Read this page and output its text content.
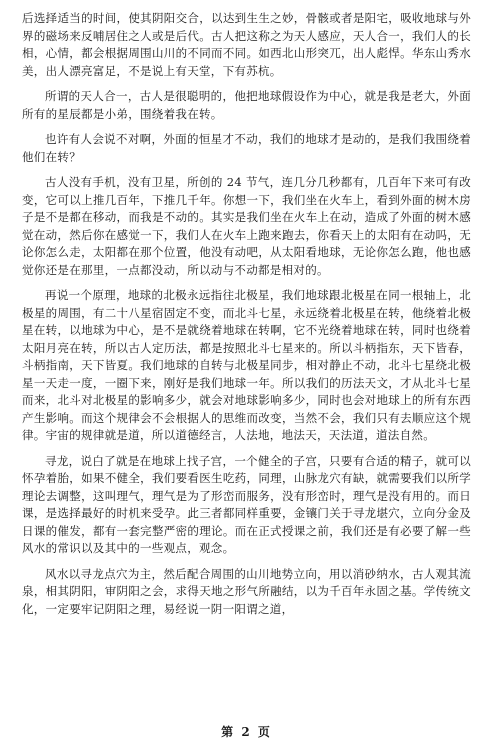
后选择适当的时间，使其阴阳交合，以达到生生之妙，骨骸或者是阳宅，吸收地球与外界的磁场来反哺居住之人或是后代。古人把这称之为天人感应，天人合一，我们人的长相，心情，都会根据周围山川的不同而不同。如西北山形突兀，出人彪悍。华东山秀水美，出人漂亮富足，不是说上有天堂，下有苏杭。

所谓的天人合一，古人是很聪明的，他把地球假设作为中心，就是我是老大，外面所有的星辰都是小弟，围绕着我在转。

也许有人会说不对啊，外面的恒星才不动，我们的地球才是动的，是我们我围绕着他们在转？

古人没有手机，没有卫星，所创的 24 节气，连几分几秒都有，几百年下来可有改变，它可以上推几百年，下推几千年。你想一下，我们坐在火车上，看到外面的树木房子是不是都在移动，而我是不动的。其实是我们坐在火车上在动，造成了外面的树木感觉在动，然后你在感觉一下，我们人在火车上跑来跑去，你看天上的太阳有在动吗，无论你怎么走，太阳都在那个位置，他没有动吧，从太阳看地球，无论你怎么跑，他也感觉你还是在那里，一点都没动，所以动与不动都是相对的。

再说一个原理，地球的北极永远指往北极星，我们地球跟北极星在同一根轴上，北极星的周围，有二十八星宿固定不变，而北斗七星，永远绕着北极星在转，他绕着北极星在转，以地球为中心，是不是就绕着地球在转啊，它不光绕着地球在转，同时也绕着太阳月亮在转，所以古人定历法，都是按照北斗七星来的。所以斗柄指东，天下皆春，斗柄指南，天下皆夏。我们地球的自转与北极星同步，相对静止不动，北斗七星绕北极星一天走一度，一圈下来，刚好是我们地球一年。所以我们的历法天文，才从北斗七星而来，北斗对北极星的影响多少，就会对地球影响多少，同时也会对地球上的所有东西产生影响。而这个规律会不会根据人的思维而改变，当然不会，我们只有去顺应这个规律。宇宙的规律就是道，所以道德经言，人法地，地法天，天法道，道法自然。

寻龙，说白了就是在地球上找子宫，一个健全的子宫，只要有合适的精子，就可以怀孕着胎，如果不健全，我们要看医生吃药，同理，山脉龙穴有缺，就需要我们以所学理论去调整，这叫理气，理气是为了形峦而服务，没有形峦时，理气是没有用的。而日课，是选择最好的时机来受孕。此三者都同样重要，金镶门关于寻龙堪穴，立向分金及日课的催发，都有一套完整严密的理论。而在正式授课之前，我们还是有必要了解一些风水的常识以及其中的一些观点，观念。

风水以寻龙点穴为主，然后配合周围的山川地势立向，用以消砂纳水，古人观其流泉，相其阴阳，审阴阳之会，求得天地之形气所融结，以为千百年永固之基。学传统文化，一定要牢记阴阳之理，易经说一阴一阳谓之道，

第 2 页
